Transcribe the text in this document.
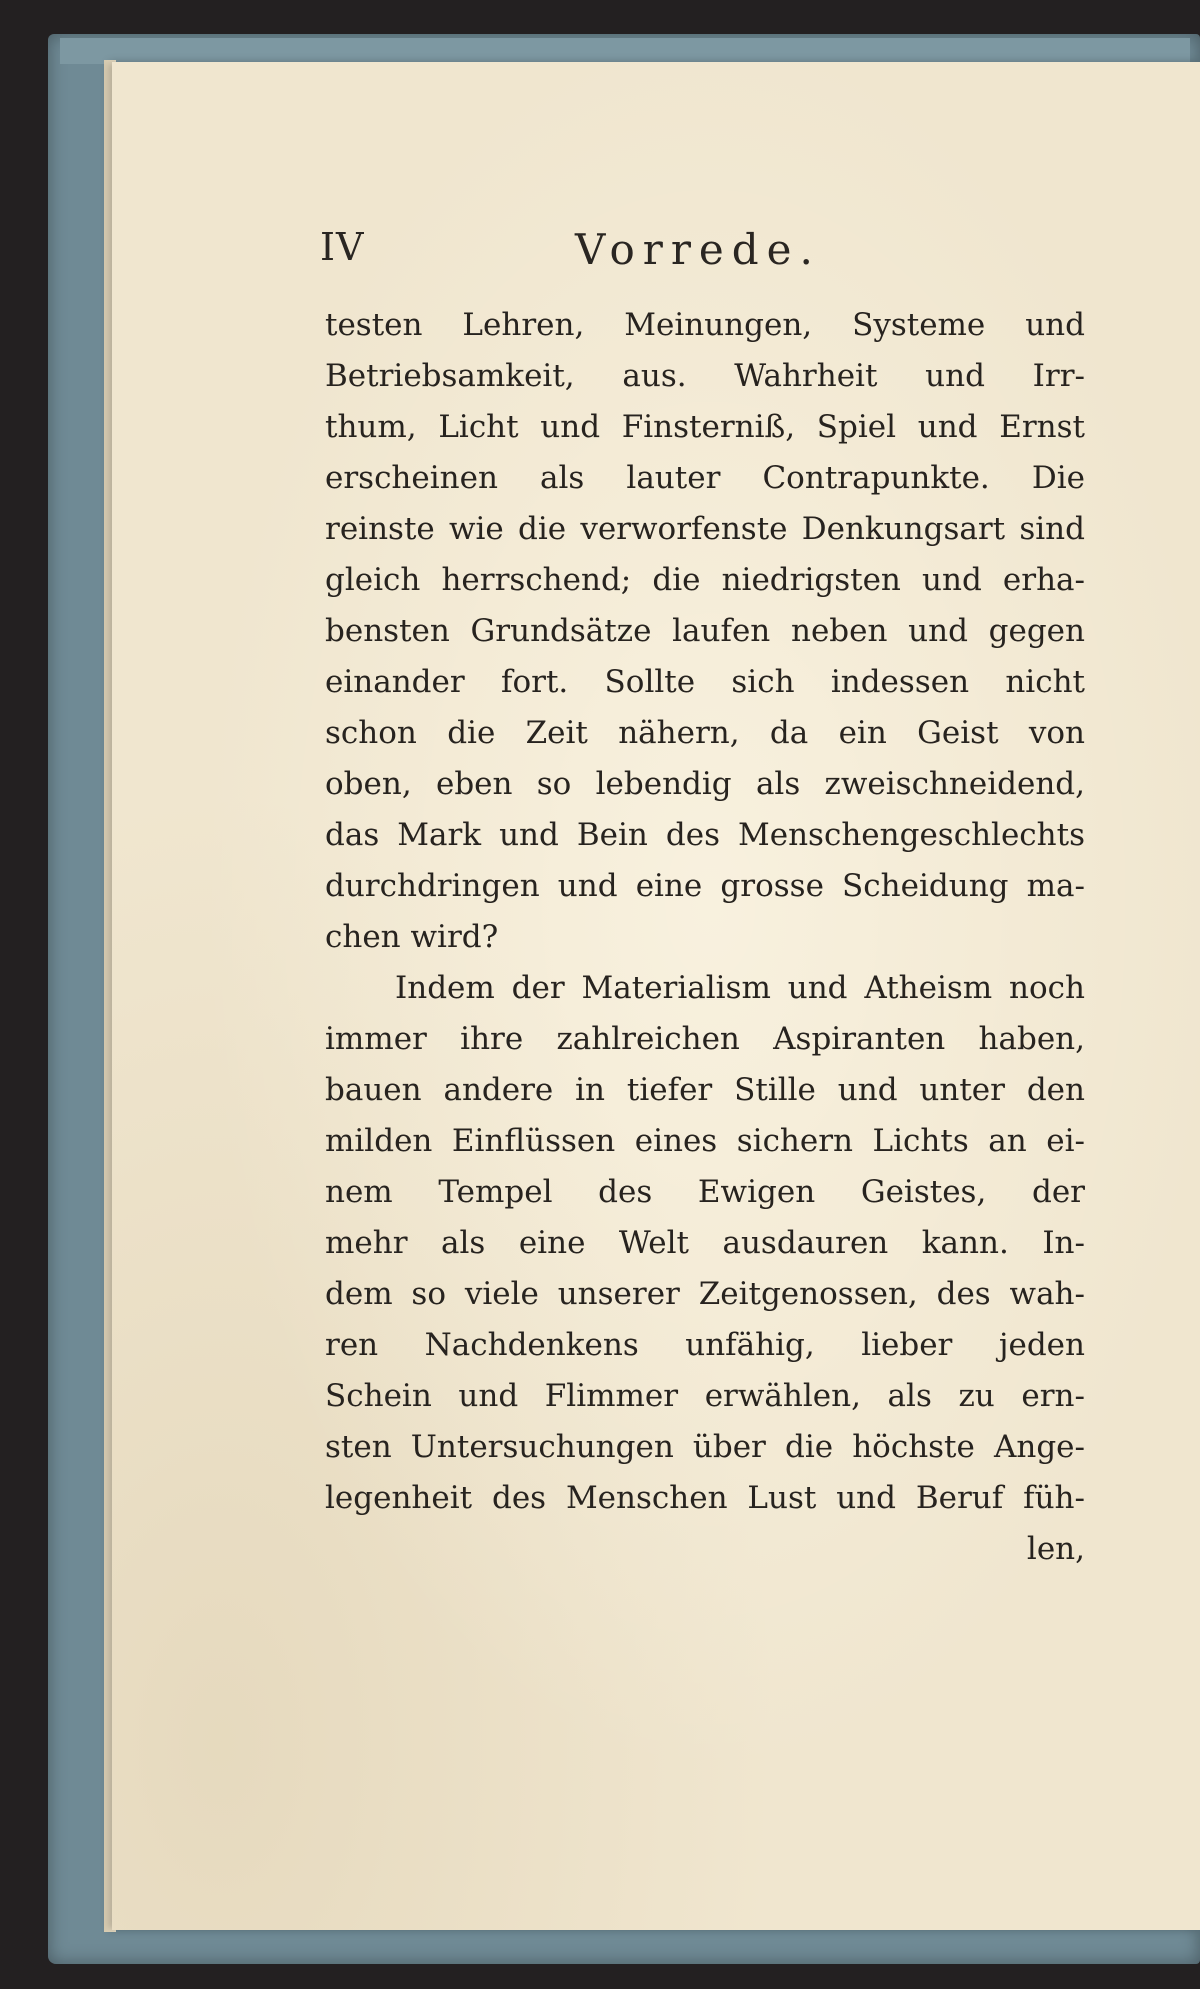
IV	Vorrede.
testen Lehren, Meinungen, Systeme und
Betriebsamkeit, aus. Wahrheit und Irr-
thum, Licht und Finsterniß, Spiel und Ernst
erscheinen als lauter Contrapunkte. Die
reinste wie die verworfenste Denkungsart sind
gleich herrschend; die niedrigsten und erha-
bensten Grundsätze laufen neben und gegen
einander fort. Sollte sich indessen nicht
schon die Zeit nähern, da ein Geist von
oben, eben so lebendig als zweischneidend,
das Mark und Bein des Menschengeschlechts
durchdringen und eine grosse Scheidung ma-
chen wird?
Indem der Materialism und Atheism noch
immer ihre zahlreichen Aspiranten haben,
bauen andere in tiefer Stille und unter den
milden Einflüssen eines sichern Lichts an ei-
nem Tempel des Ewigen Geistes, der
mehr als eine Welt ausdauren kann. In-
dem so viele unserer Zeitgenossen, des wah-
ren Nachdenkens unfähig, lieber jeden
Schein und Flimmer erwählen, als zu ern-
sten Untersuchungen über die höchste Ange-
legenheit des Menschen Lust und Beruf füh-
len,
